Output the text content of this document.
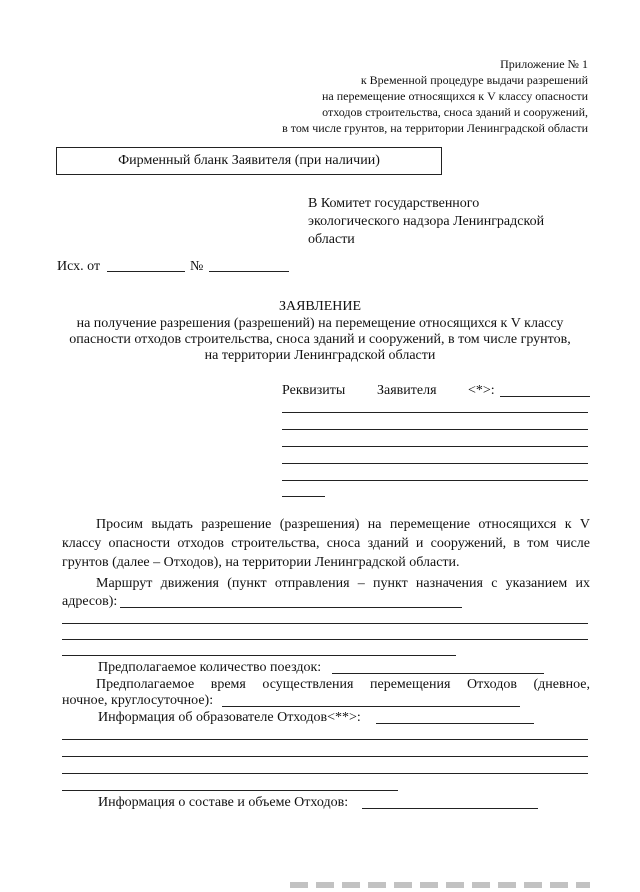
Приложение № 1
к Временной процедуре выдачи разрешений
на перемещение относящихся к V классу опасности
отходов строительства, сноса зданий и сооружений,
в том числе грунтов, на территории Ленинградской области
Фирменный бланк Заявителя (при наличии)
В Комитет государственного
экологического надзора Ленинградской
области
Исх. от	№
ЗАЯВЛЕНИЕ
на получение разрешения (разрешений) на перемещение относящихся к V классу
опасности отходов строительства, сноса зданий и сооружений, в том числе грунтов,
на территории Ленинградской области
Реквизиты Заявителя <*>:
Просим выдать разрешение (разрешения) на перемещение относящихся к V классу опасности отходов строительства, сноса зданий и сооружений, в том числе грунтов (далее – Отходов), на территории Ленинградской области.
Маршрут движения (пункт отправления – пункт назначения с указанием их
адресов):
Предполагаемое количество поездок:
Предполагаемое время осуществления перемещения Отходов (дневное,
ночное, круглосуточное):
Информация об образователе Отходов<**>:
Информация о составе и объеме Отходов:
